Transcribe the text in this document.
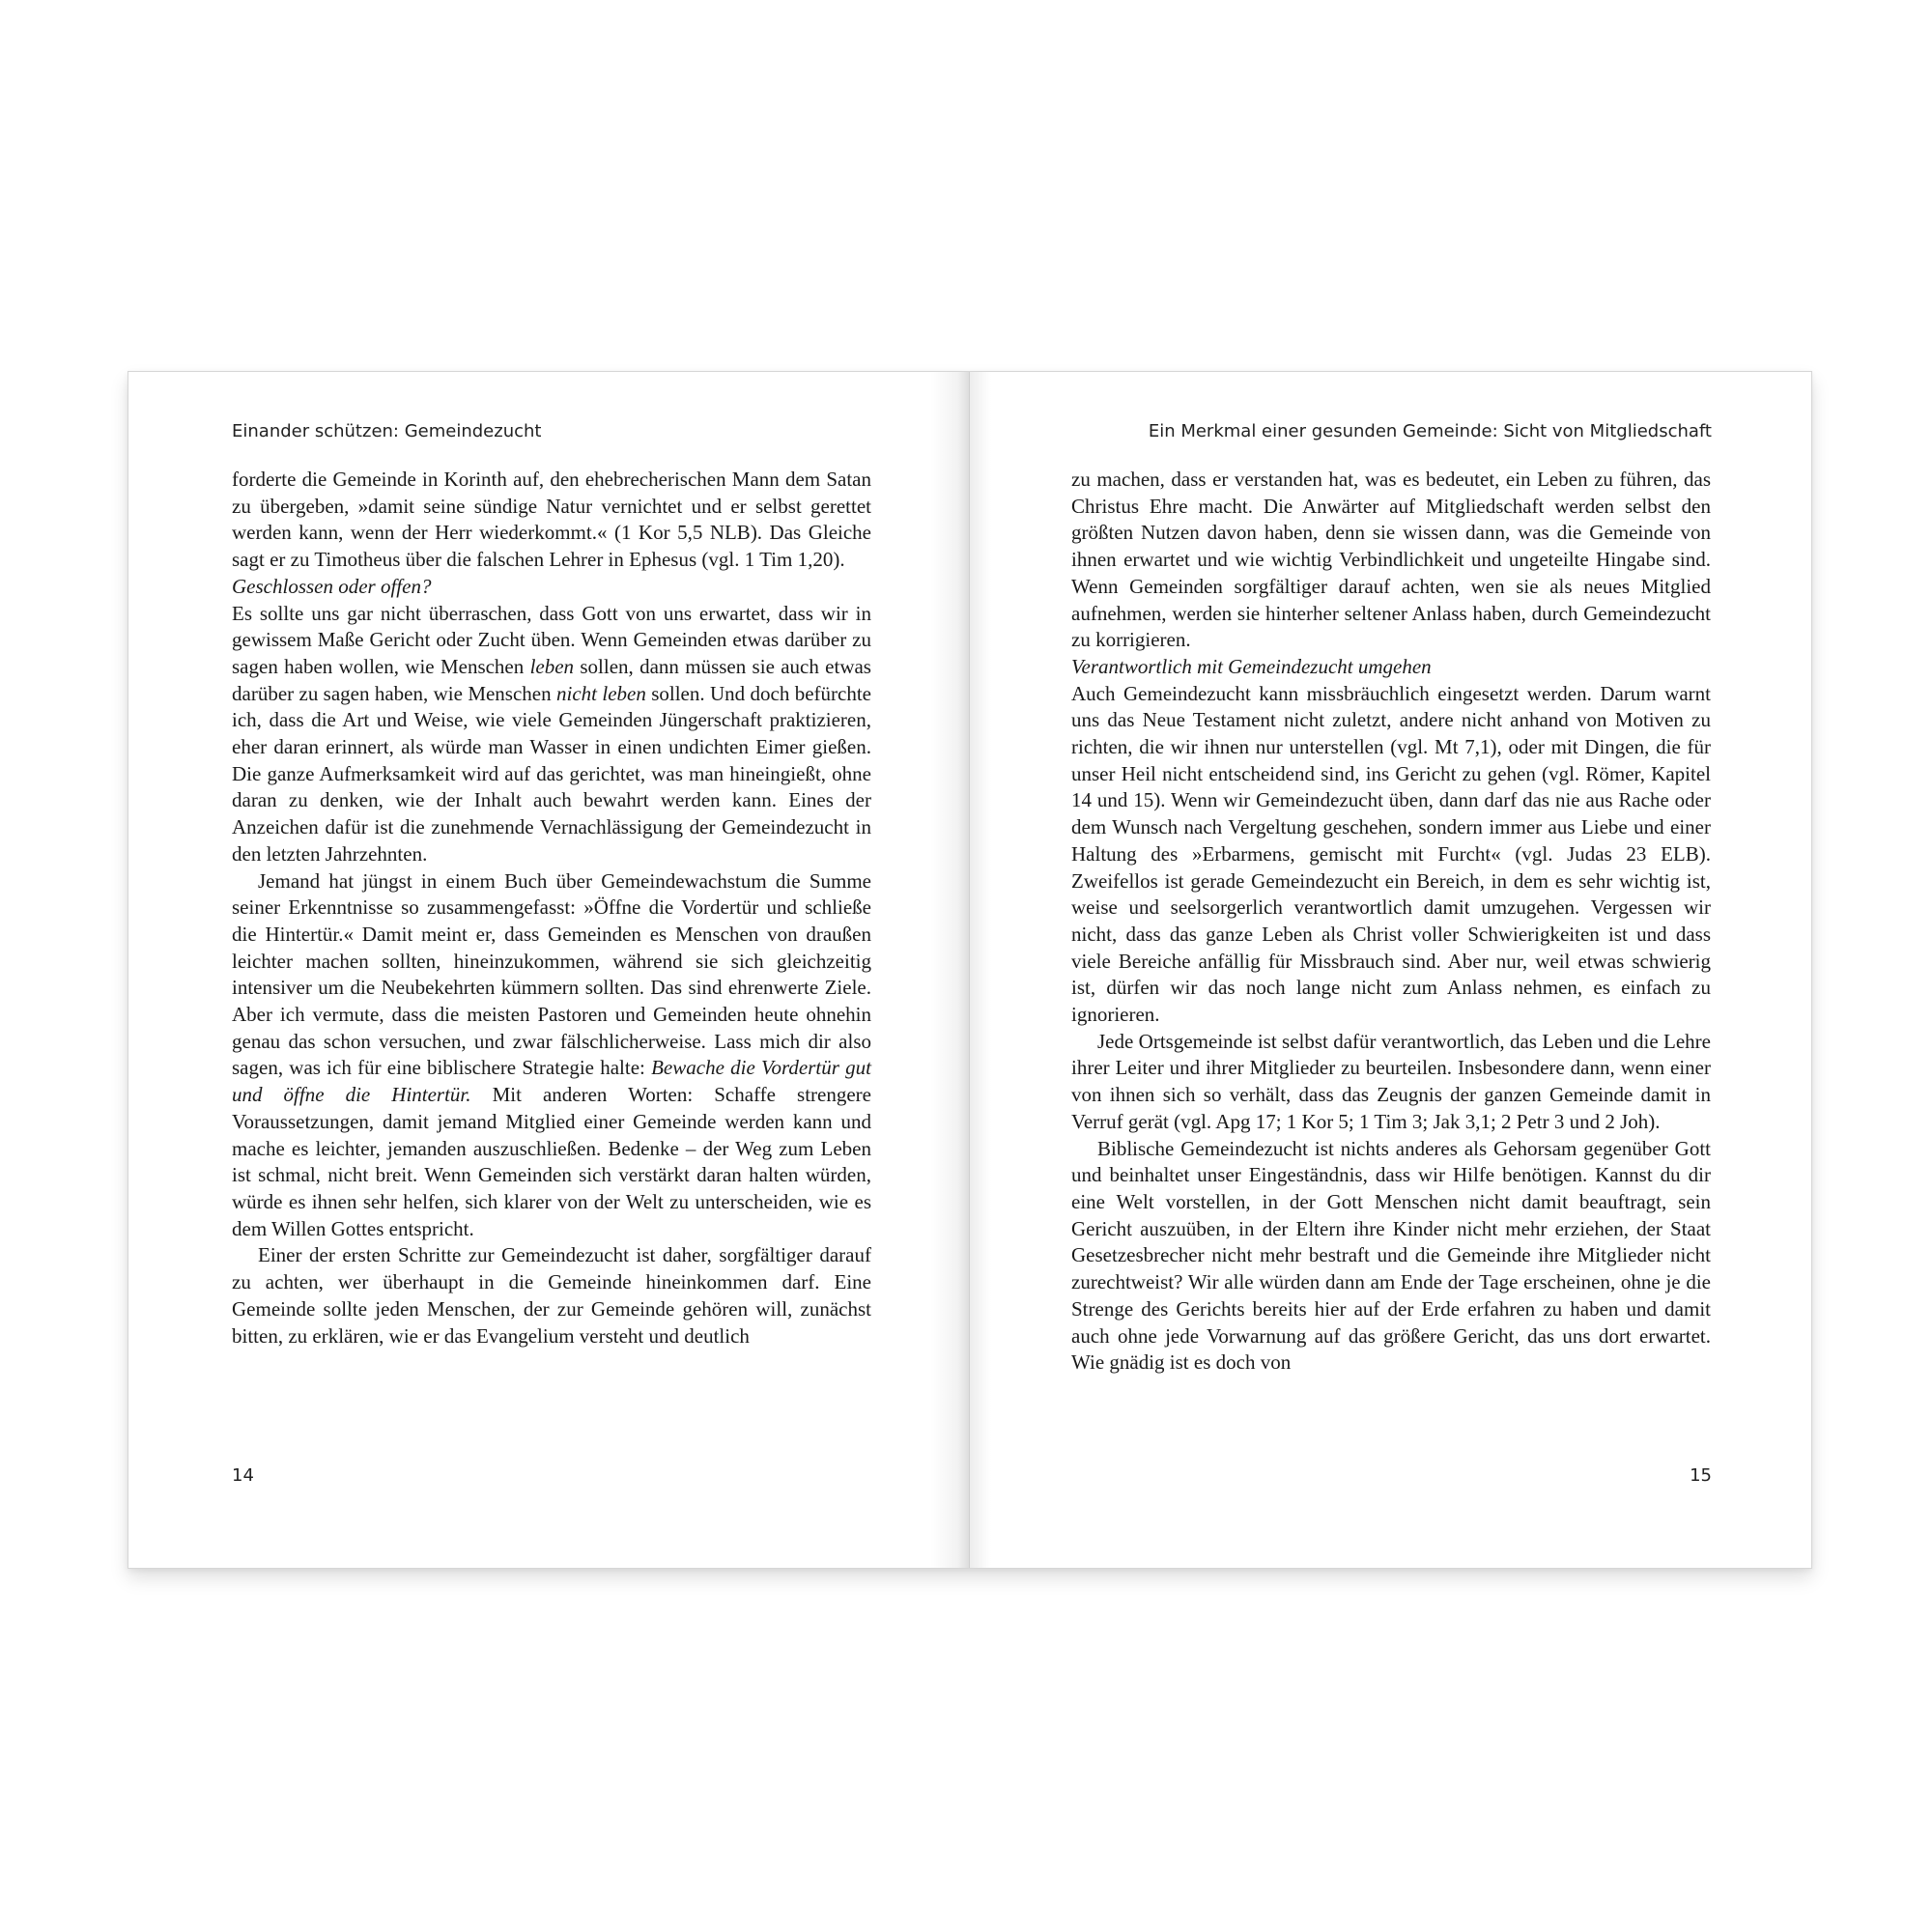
Einander schützen: Gemeindezucht

forderte die Gemeinde in Korinth auf, den ehebrecherischen Mann dem Satan zu übergeben, »damit seine sündige Natur vernichtet und er selbst gerettet werden kann, wenn der Herr wiederkommt.« (1 Kor 5,5 NLB). Das Gleiche sagt er zu Timotheus über die falschen Lehrer in Ephesus (vgl. 1 Tim 1,20).

Geschlossen oder offen?

Es sollte uns gar nicht überraschen, dass Gott von uns erwartet, dass wir in gewissem Maße Gericht oder Zucht üben. Wenn Gemeinden etwas darüber zu sagen haben wollen, wie Menschen leben sollen, dann müssen sie auch etwas darüber zu sagen haben, wie Menschen nicht leben sollen. Und doch befürchte ich, dass die Art und Weise, wie viele Gemeinden Jüngerschaft praktizieren, eher daran erinnert, als würde man Wasser in einen undichten Eimer gießen. Die ganze Aufmerksamkeit wird auf das gerichtet, was man hineingießt, ohne daran zu denken, wie der Inhalt auch bewahrt werden kann. Eines der Anzeichen dafür ist die zunehmende Vernachlässigung der Gemeindezucht in den letzten Jahrzehnten.

Jemand hat jüngst in einem Buch über Gemeindewachstum die Summe seiner Erkenntnisse so zusammengefasst: »Öffne die Vordertür und schließe die Hintertür.« Damit meint er, dass Gemeinden es Menschen von draußen leichter machen sollten, hineinzukommen, während sie sich gleichzeitig intensiver um die Neubekehrten kümmern sollten. Das sind ehrenwerte Ziele. Aber ich vermute, dass die meisten Pastoren und Gemeinden heute ohnehin genau das schon versuchen, und zwar fälschlicherweise. Lass mich dir also sagen, was ich für eine biblischere Strategie halte: Bewache die Vordertür gut und öffne die Hintertür. Mit anderen Worten: Schaffe strengere Voraussetzungen, damit jemand Mitglied einer Gemeinde werden kann und mache es leichter, jemanden auszuschließen. Bedenke – der Weg zum Leben ist schmal, nicht breit. Wenn Gemeinden sich verstärkt daran halten würden, würde es ihnen sehr helfen, sich klarer von der Welt zu unterscheiden, wie es dem Willen Gottes entspricht.

Einer der ersten Schritte zur Gemeindezucht ist daher, sorgfältiger darauf zu achten, wer überhaupt in die Gemeinde hineinkommen darf. Eine Gemeinde sollte jeden Menschen, der zur Gemeinde gehören will, zunächst bitten, zu erklären, wie er das Evangelium versteht und deutlich

14
Ein Merkmal einer gesunden Gemeinde: Sicht von Mitgliedschaft

zu machen, dass er verstanden hat, was es bedeutet, ein Leben zu führen, das Christus Ehre macht. Die Anwärter auf Mitgliedschaft werden selbst den größten Nutzen davon haben, denn sie wissen dann, was die Gemeinde von ihnen erwartet und wie wichtig Verbindlichkeit und ungeteilte Hingabe sind. Wenn Gemeinden sorgfältiger darauf achten, wen sie als neues Mitglied aufnehmen, werden sie hinterher seltener Anlass haben, durch Gemeindezucht zu korrigieren.

Verantwortlich mit Gemeindezucht umgehen

Auch Gemeindezucht kann missbräuchlich eingesetzt werden. Darum warnt uns das Neue Testament nicht zuletzt, andere nicht anhand von Motiven zu richten, die wir ihnen nur unterstellen (vgl. Mt 7,1), oder mit Dingen, die für unser Heil nicht entscheidend sind, ins Gericht zu gehen (vgl. Römer, Kapitel 14 und 15). Wenn wir Gemeindezucht üben, dann darf das nie aus Rache oder dem Wunsch nach Vergeltung geschehen, sondern immer aus Liebe und einer Haltung des »Erbarmens, gemischt mit Furcht« (vgl. Judas 23 ELB). Zweifellos ist gerade Gemeindezucht ein Bereich, in dem es sehr wichtig ist, weise und seelsorgerlich verantwortlich damit umzugehen. Vergessen wir nicht, dass das ganze Leben als Christ voller Schwierigkeiten ist und dass viele Bereiche anfällig für Missbrauch sind. Aber nur, weil etwas schwierig ist, dürfen wir das noch lange nicht zum Anlass nehmen, es einfach zu ignorieren.

Jede Ortsgemeinde ist selbst dafür verantwortlich, das Leben und die Lehre ihrer Leiter und ihrer Mitglieder zu beurteilen. Insbesondere dann, wenn einer von ihnen sich so verhält, dass das Zeugnis der ganzen Gemeinde damit in Verruf gerät (vgl. Apg 17; 1 Kor 5; 1 Tim 3; Jak 3,1; 2 Petr 3 und 2 Joh).

Biblische Gemeindezucht ist nichts anderes als Gehorsam gegenüber Gott und beinhaltet unser Eingeständnis, dass wir Hilfe benötigen. Kannst du dir eine Welt vorstellen, in der Gott Menschen nicht damit beauftragt, sein Gericht auszuüben, in der Eltern ihre Kinder nicht mehr erziehen, der Staat Gesetzesbrecher nicht mehr bestraft und die Gemeinde ihre Mitglieder nicht zurechtweist? Wir alle würden dann am Ende der Tage erscheinen, ohne je die Strenge des Gerichts bereits hier auf der Erde erfahren zu haben und damit auch ohne jede Vorwarnung auf das größere Gericht, das uns dort erwartet. Wie gnädig ist es doch von

15
